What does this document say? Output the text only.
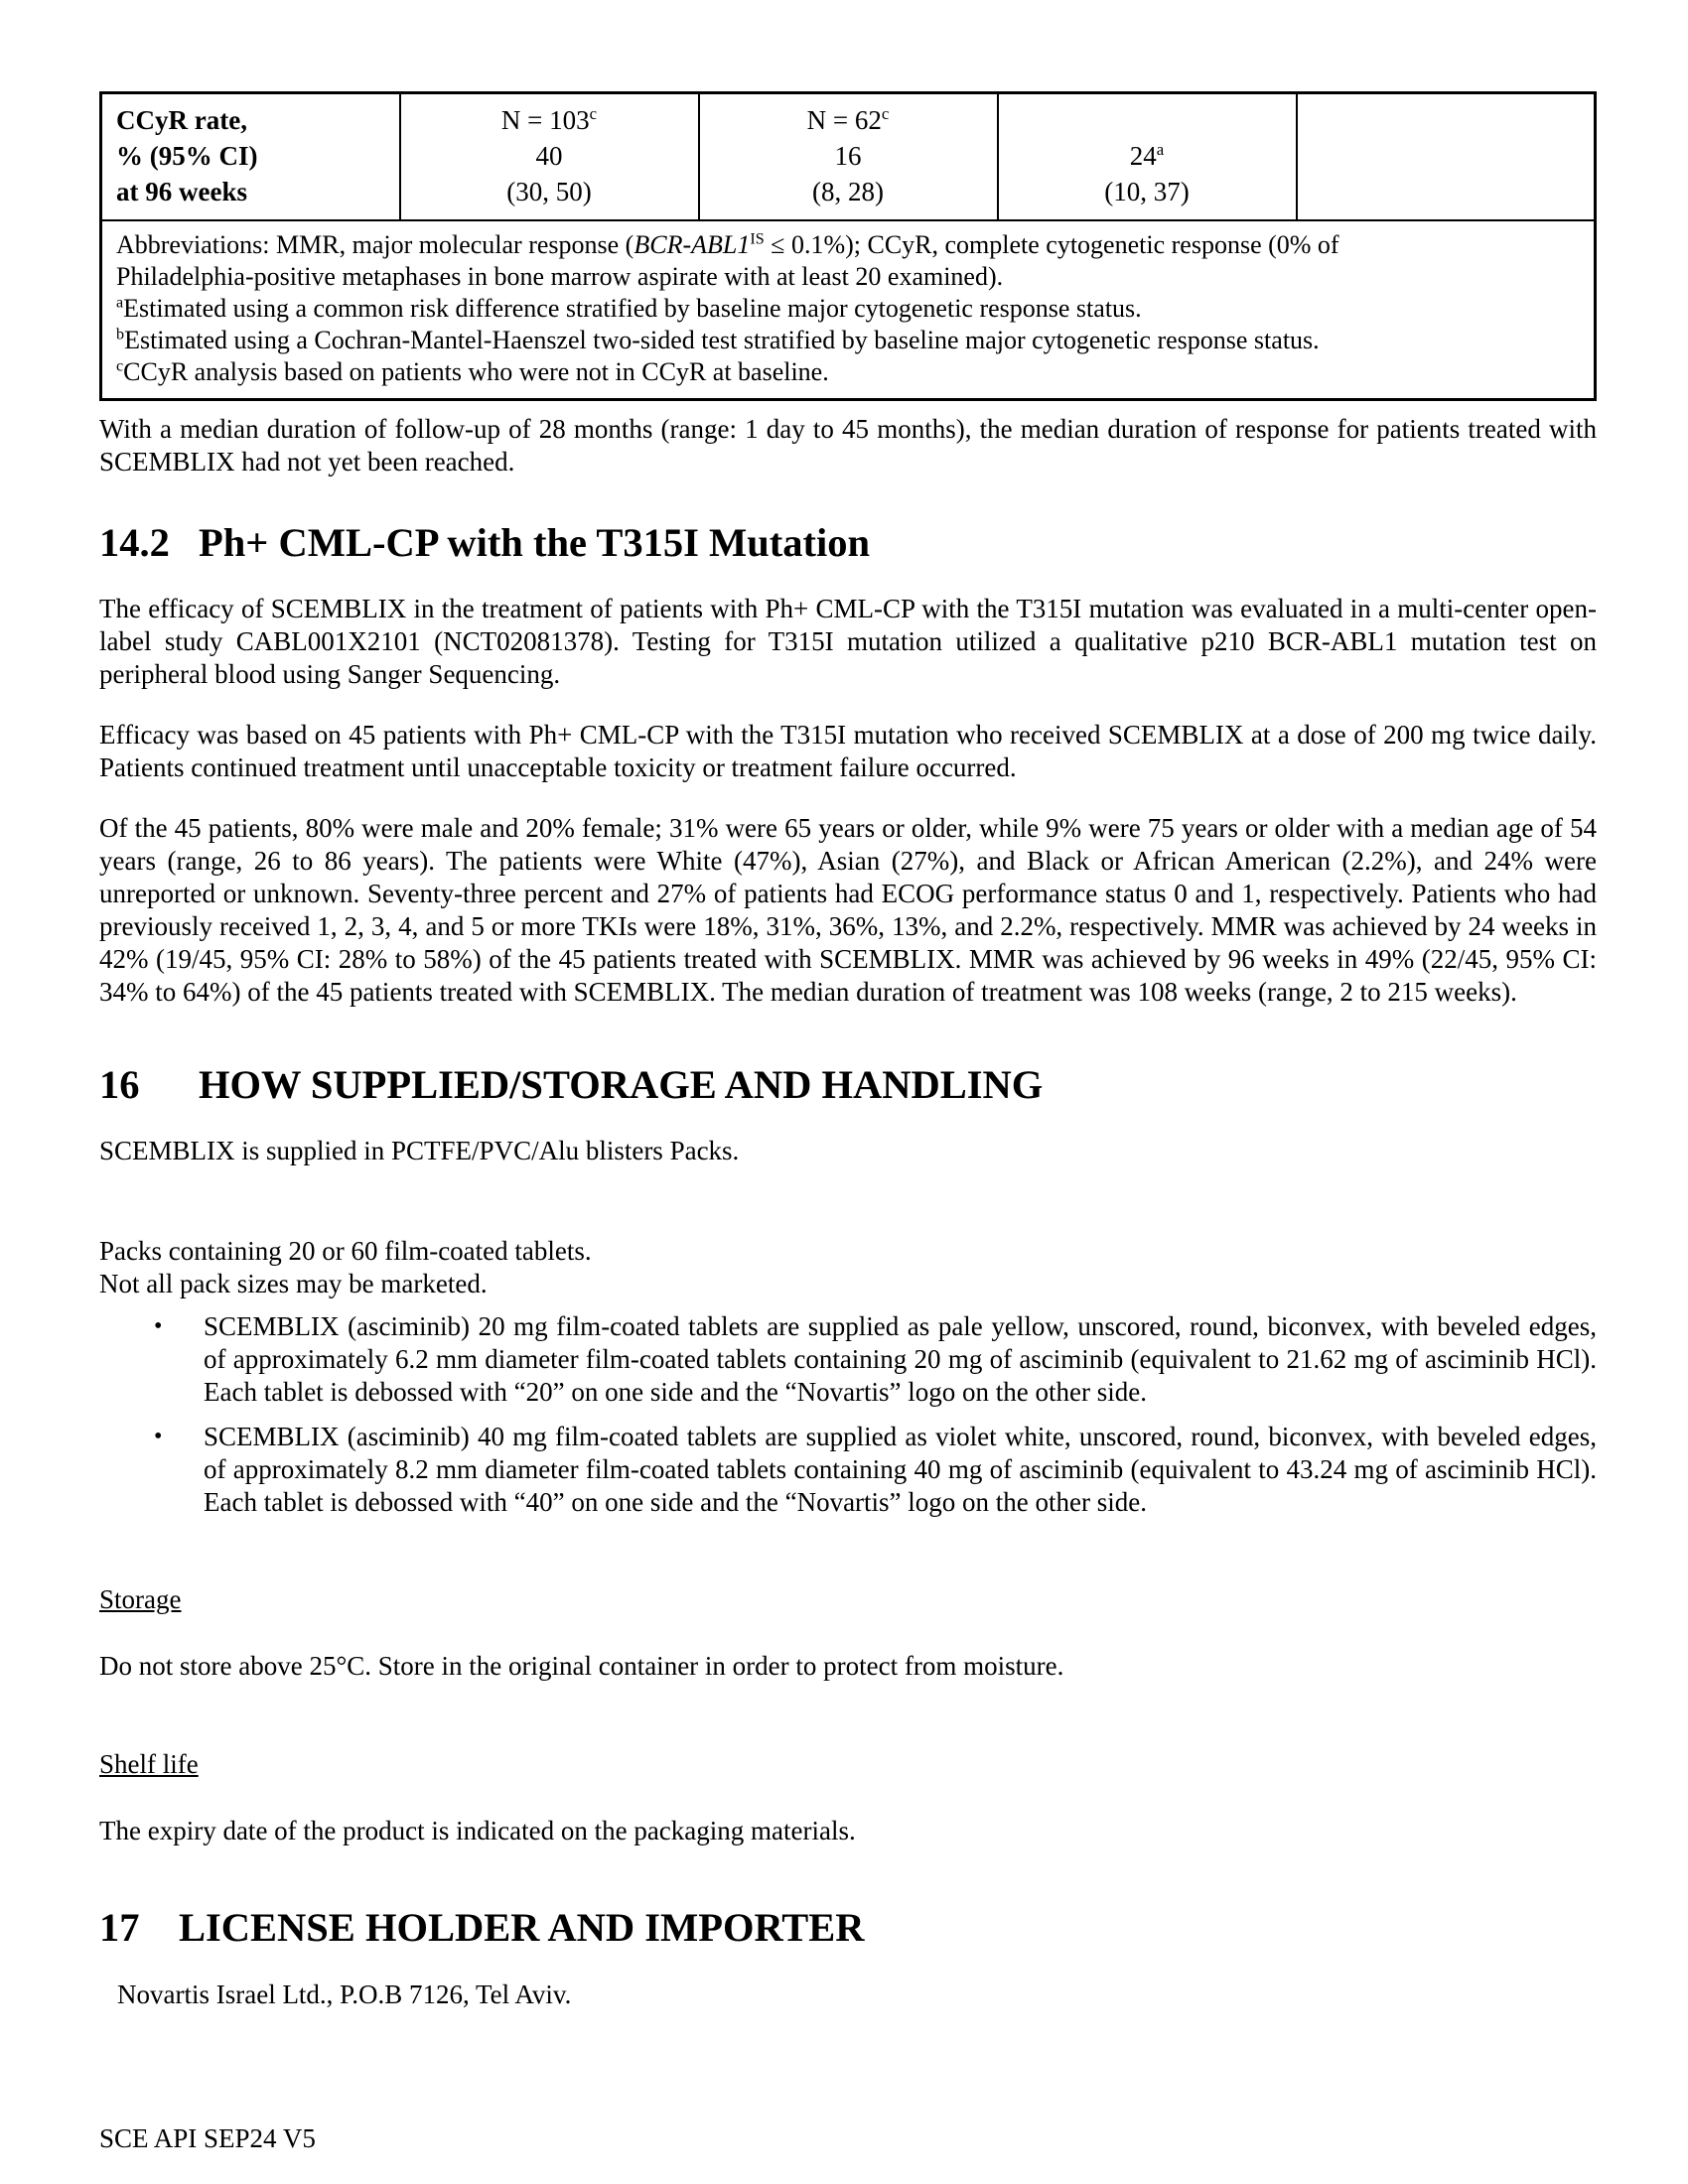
CCyR rate,
% (95% CI)
at 96 weeks

$N = 103^c$
40
(30, 50)

$N = 62^c$
16
(8, 28)

24$^a$
(10, 37)

Abbreviations: MMR, major molecular response $(BCR-ABL1^{IS} \le 0.1\%)$; CCyR, complete cytogenetic response (0% of
Philadelphia-positive metaphases in bone marrow aspirate with at least 20 examined).
$^a$Estimated using a common risk difference stratified by baseline major cytogenetic response status.
$^b$Estimated using a Cochran-Mantel-Haenszel two-sided test stratified by baseline major cytogenetic response status.
$^c$CCyR analysis based on patients who were not in CCyR at baseline.

With a median duration of follow-up of 28 months (range: 1 day to 45 months), the median duration of response for patients treated with SCEMBLIX had not yet been reached.

14.2 Ph+ CML-CP with the T315I Mutation

The efficacy of SCEMBLIX in the treatment of patients with Ph+ CML-CP with the T315I mutation was evaluated in a multi-center open-label study CABL001X2101 (NCT02081378). Testing for T315I mutation utilized a qualitative p210 BCR-ABL1 mutation test on peripheral blood using Sanger Sequencing.

Efficacy was based on 45 patients with Ph+ CML-CP with the T315I mutation who received SCEMBLIX at a dose of 200 mg twice daily. Patients continued treatment until unacceptable toxicity or treatment failure occurred.

Of the 45 patients, 80% were male and 20% female; 31% were 65 years or older, while 9% were 75 years or older with a median age of 54 years (range, 26 to 86 years). The patients were White (47%), Asian (27%), and Black or African American (2.2%), and 24% were unreported or unknown. Seventy-three percent and 27% of patients had ECOG performance status 0 and 1, respectively. Patients who had previously received 1, 2, 3, 4, and 5 or more TKIs were 18%, 31%, 36%, 13%, and 2.2%, respectively. MMR was achieved by 24 weeks in 42% (19/45, 95% CI: 28% to 58%) of the 45 patients treated with SCEMBLIX. MMR was achieved by 96 weeks in 49% (22/45, 95% CI: 34% to 64%) of the 45 patients treated with SCEMBLIX. The median duration of treatment was 108 weeks (range, 2 to 215 weeks).

16 HOW SUPPLIED/STORAGE AND HANDLING

SCEMBLIX is supplied in PCTFE/PVC/Alu blisters Packs.

Packs containing 20 or 60 film-coated tablets.

Not all pack sizes may be marketed.

•
SCEMBLIX (asciminib) 20 mg film-coated tablets are supplied as pale yellow, unscored, round, biconvex, with beveled edges, of approximately 6.2 mm diameter film-coated tablets containing 20 mg of asciminib (equivalent to 21.62 mg of asciminib HCl). Each tablet is debossed with “20” on one side and the “Novartis” logo on the other side.
•
SCEMBLIX (asciminib) 40 mg film-coated tablets are supplied as violet white, unscored, round, biconvex, with beveled edges, of approximately 8.2 mm diameter film-coated tablets containing 40 mg of asciminib (equivalent to 43.24 mg of asciminib HCl). Each tablet is debossed with “40” on one side and the “Novartis” logo on the other side.

Storage

Do not store above 25°C. Store in the original container in order to protect from moisture.

Shelf life

The expiry date of the product is indicated on the packaging materials.

17 LICENSE HOLDER AND IMPORTER

Novartis Israel Ltd., P.O.B 7126, Tel Aviv.

SCE API SEP24 V5
